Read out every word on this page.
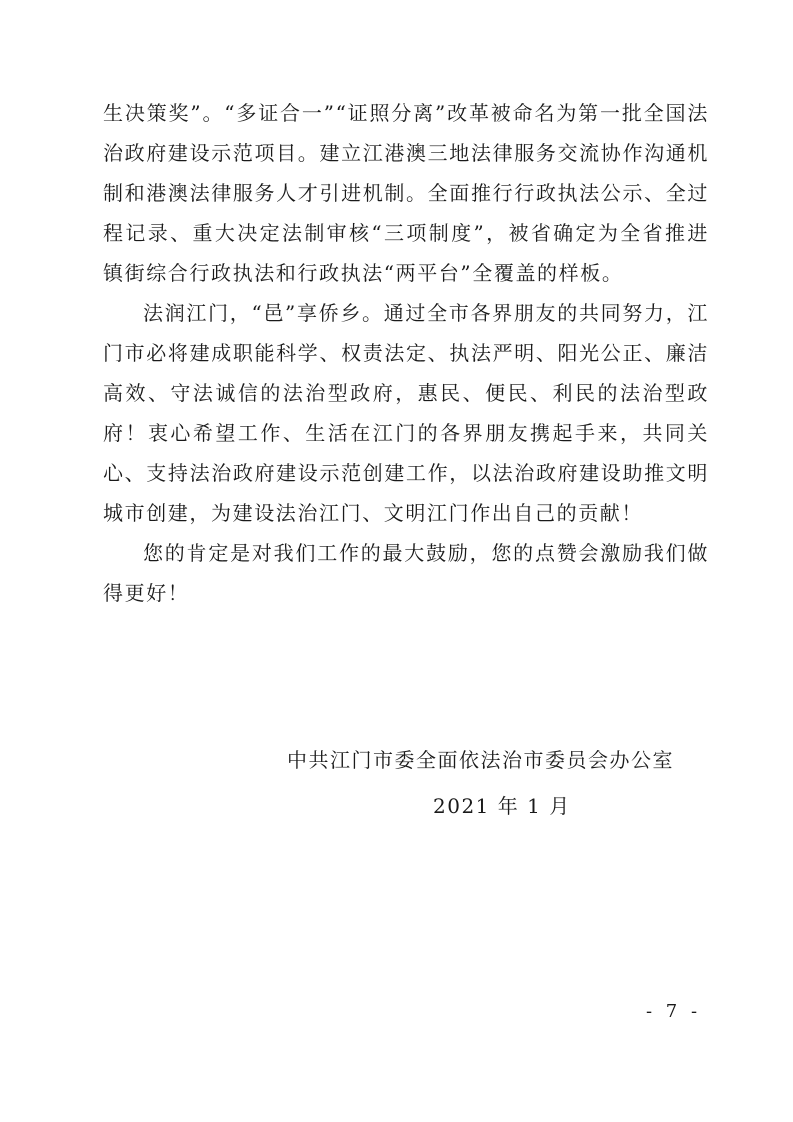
生决策奖”。“多证合一”“证照分离”改革被命名为第一批全国法治政府建设示范项目。建立江港澳三地法律服务交流协作沟通机制和港澳法律服务人才引进机制。全面推行行政执法公示、全过程记录、重大决定法制审核“三项制度”，被省确定为全省推进镇街综合行政执法和行政执法“两平台”全覆盖的样板。

法润江门，“邑”享侨乡。通过全市各界朋友的共同努力，江门市必将建成职能科学、权责法定、执法严明、阳光公正、廉洁高效、守法诚信的法治型政府，惠民、便民、利民的法治型政府！衷心希望工作、生活在江门的各界朋友携起手来，共同关心、支持法治政府建设示范创建工作，以法治政府建设助推文明城市创建，为建设法治江门、文明江门作出自己的贡献！

您的肯定是对我们工作的最大鼓励，您的点赞会激励我们做得更好！

中共江门市委全面依法治市委员会办公室

2021 年 1 月

- 7 -
